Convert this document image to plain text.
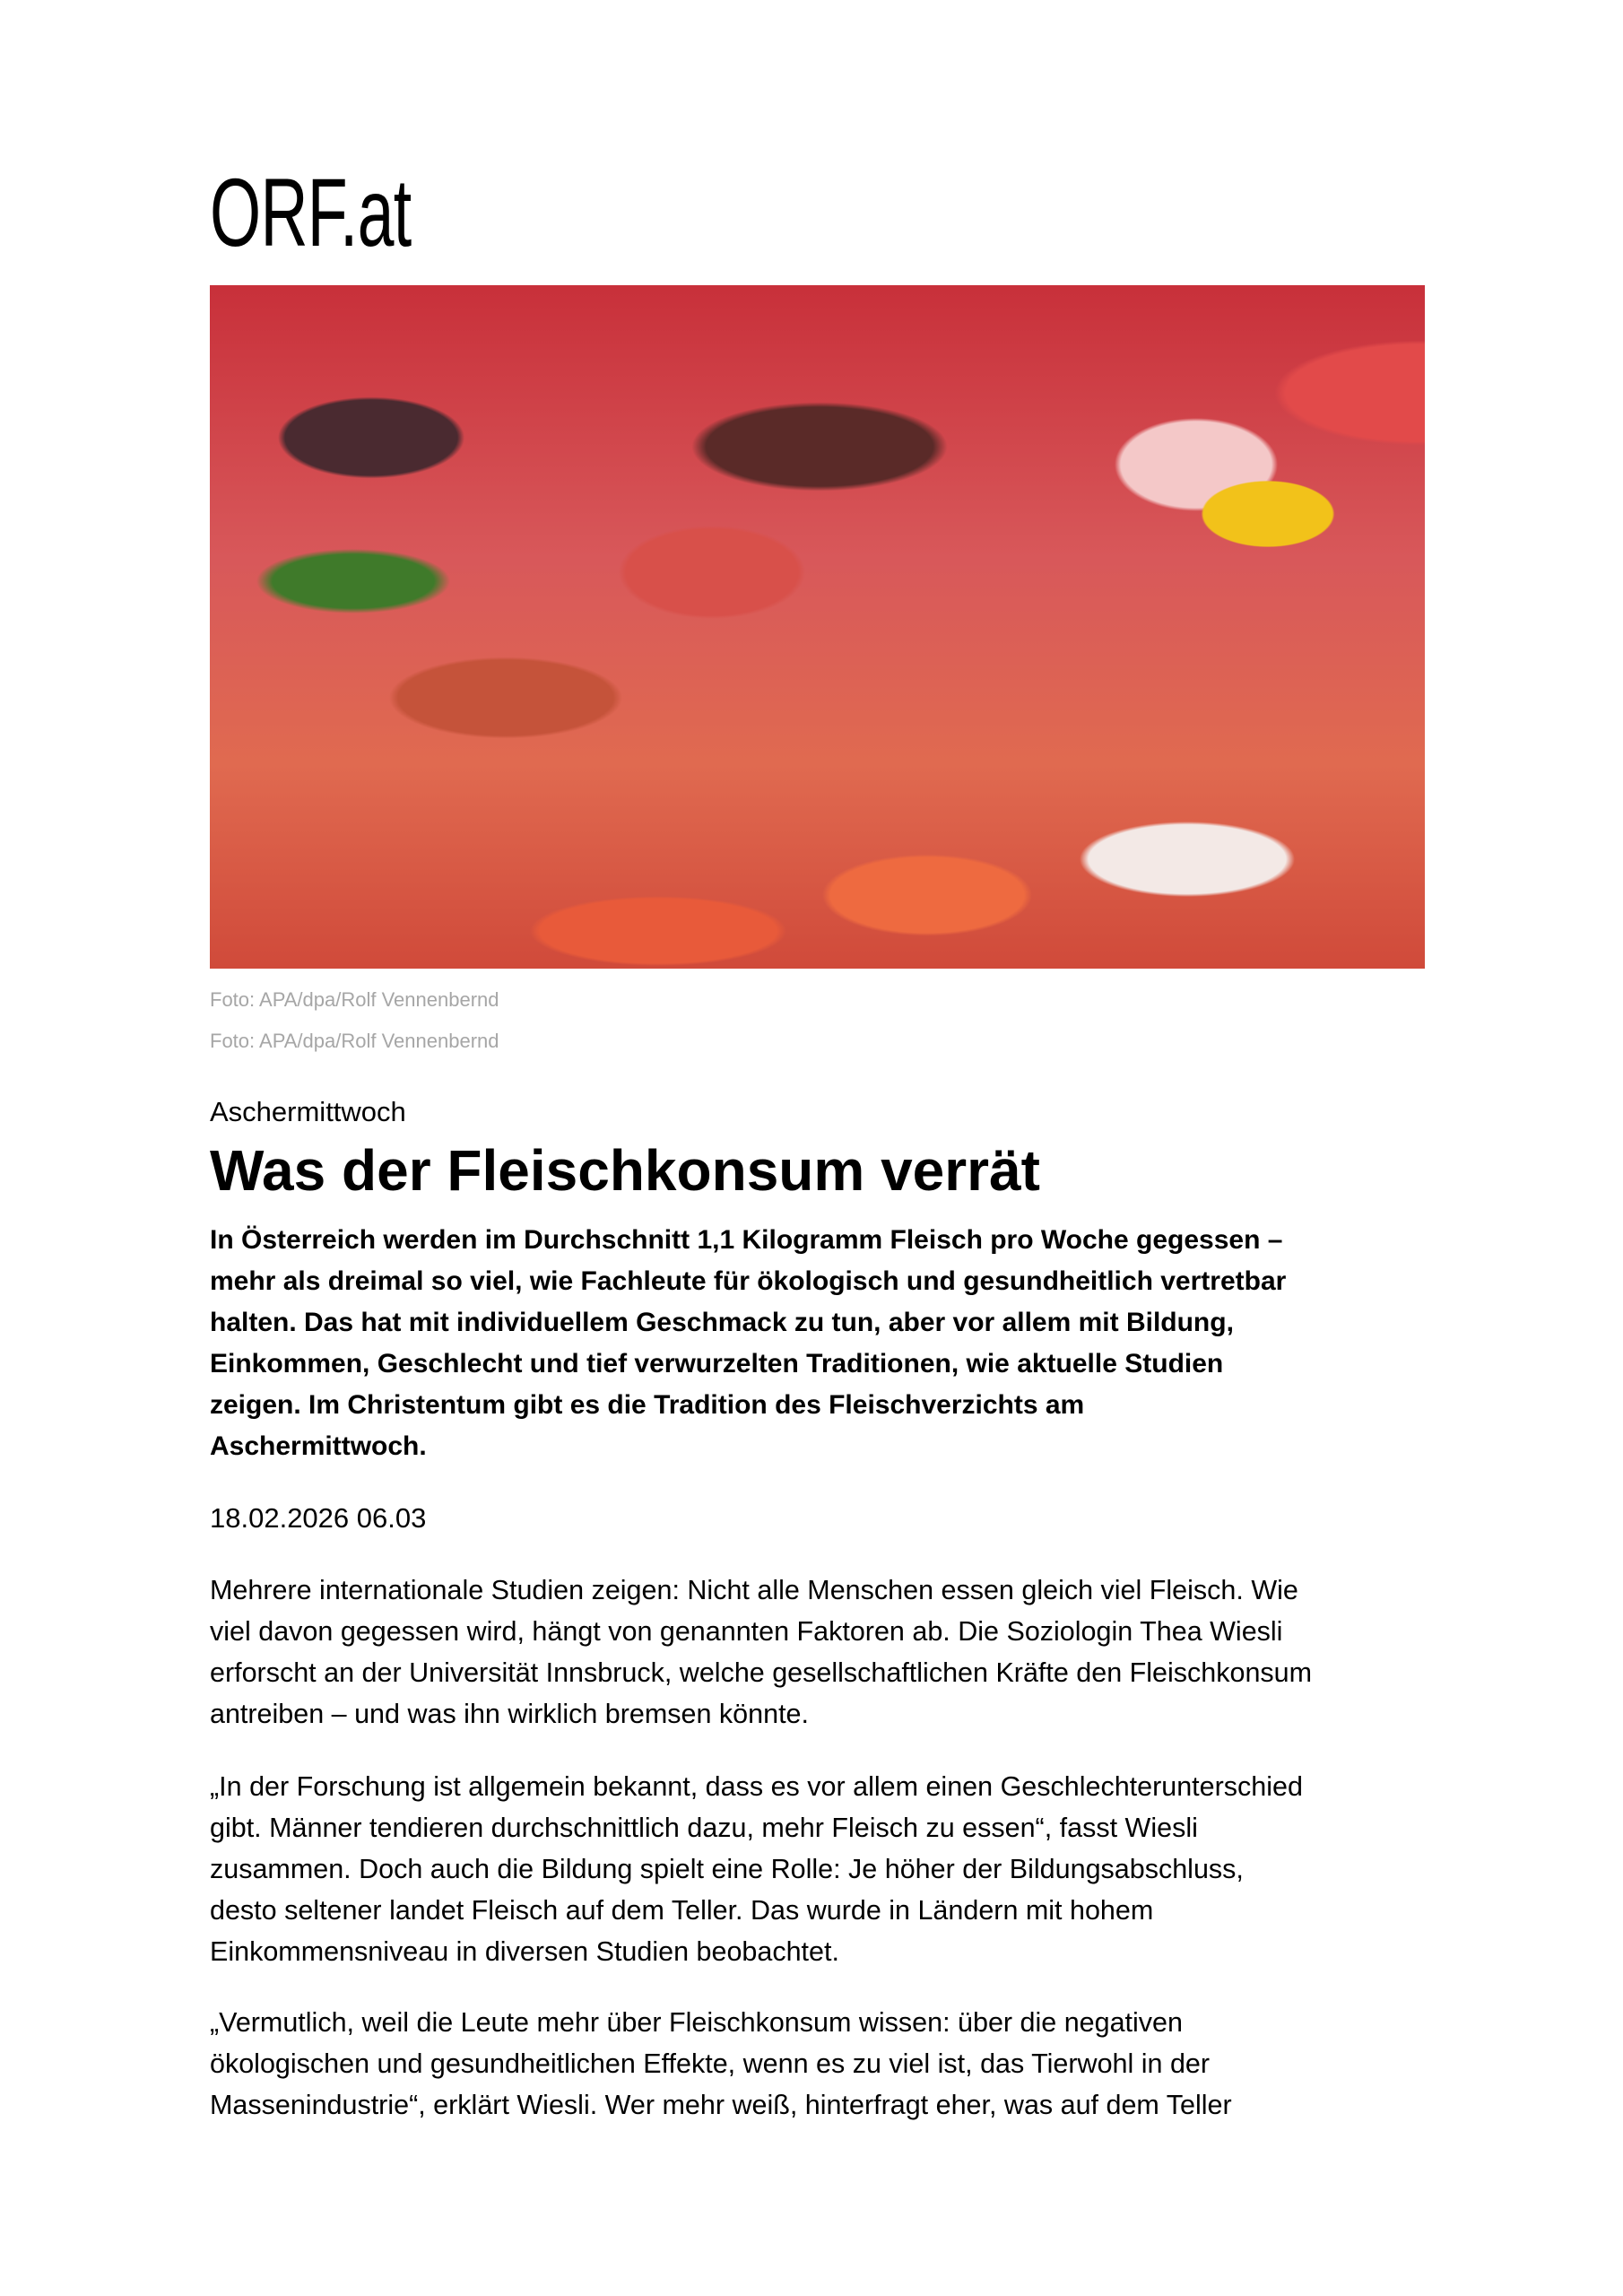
ORF.at
Foto: APA/dpa/Rolf Vennenbernd
Foto: APA/dpa/Rolf Vennenbernd
Aschermittwoch
Was der Fleischkonsum verrät
In Österreich werden im Durchschnitt 1,1 Kilogramm Fleisch pro Woche gegessen –
mehr als dreimal so viel, wie Fachleute für ökologisch und gesundheitlich vertretbar
halten. Das hat mit individuellem Geschmack zu tun, aber vor allem mit Bildung,
Einkommen, Geschlecht und tief verwurzelten Traditionen, wie aktuelle Studien
zeigen. Im Christentum gibt es die Tradition des Fleischverzichts am
Aschermittwoch.
18.02.2026 06.03
Mehrere internationale Studien zeigen: Nicht alle Menschen essen gleich viel Fleisch. Wie
viel davon gegessen wird, hängt von genannten Faktoren ab. Die Soziologin Thea Wiesli
erforscht an der Universität Innsbruck, welche gesellschaftlichen Kräfte den Fleischkonsum
antreiben – und was ihn wirklich bremsen könnte.
„In der Forschung ist allgemein bekannt, dass es vor allem einen Geschlechterunterschied
gibt. Männer tendieren durchschnittlich dazu, mehr Fleisch zu essen“, fasst Wiesli
zusammen. Doch auch die Bildung spielt eine Rolle: Je höher der Bildungsabschluss,
desto seltener landet Fleisch auf dem Teller. Das wurde in Ländern mit hohem
Einkommensniveau in diversen Studien beobachtet.
„Vermutlich, weil die Leute mehr über Fleischkonsum wissen: über die negativen
ökologischen und gesundheitlichen Effekte, wenn es zu viel ist, das Tierwohl in der
Massenindustrie“, erklärt Wiesli. Wer mehr weiß, hinterfragt eher, was auf dem Teller
